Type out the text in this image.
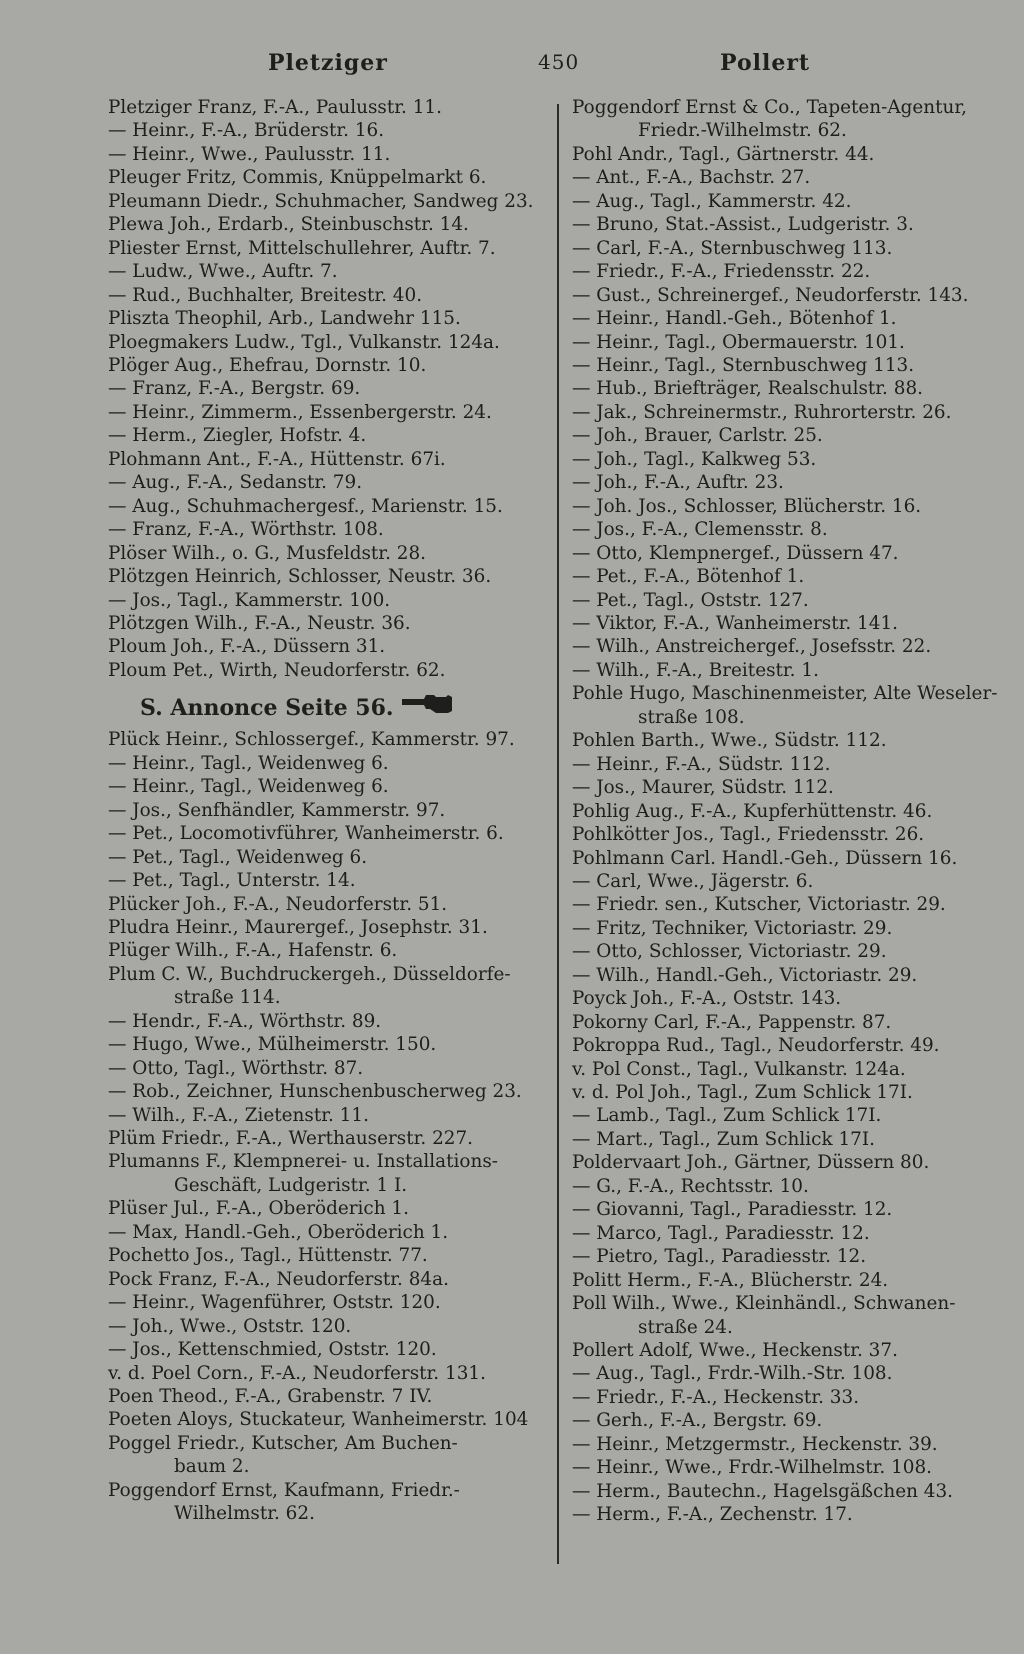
Pletziger	450	Pollert
Pletziger Franz, F.-A., Paulusstr. 11.
— Heinr., F.-A., Brüderstr. 16.
— Heinr., Wwe., Paulusstr. 11.
Pleuger Fritz, Commis, Knüppelmarkt 6.
Pleumann Diedr., Schuhmacher, Sandweg 23.
Plewa Joh., Erdarb., Steinbuschstr. 14.
Pliester Ernst, Mittelschullehrer, Auftr. 7.
— Ludw., Wwe., Auftr. 7.
— Rud., Buchhalter, Breitestr. 40.
Pliszta Theophil, Arb., Landwehr 115.
Ploegmakers Ludw., Tgl., Vulkanstr. 124a.
Plöger Aug., Ehefrau, Dornstr. 10.
— Franz, F.-A., Bergstr. 69.
— Heinr., Zimmerm., Essenbergerstr. 24.
— Herm., Ziegler, Hofstr. 4.
Plohmann Ant., F.-A., Hüttenstr. 67i.
— Aug., F.-A., Sedanstr. 79.
— Aug., Schuhmachergesf., Marienstr. 15.
— Franz, F.-A., Wörthstr. 108.
Plöser Wilh., o. G., Musfeldstr. 28.
Plötzgen Heinrich, Schlosser, Neustr. 36.
— Jos., Tagl., Kammerstr. 100.
Plötzgen Wilh., F.-A., Neustr. 36.
Ploum Joh., F.-A., Düssern 31.
Ploum Pet., Wirth, Neudorferstr. 62.
S. Annonce Seite 56.
Plück Heinr., Schlossergef., Kammerstr. 97.
— Heinr., Tagl., Weidenweg 6.
— Heinr., Tagl., Weidenweg 6.
— Jos., Senfhändler, Kammerstr. 97.
— Pet., Locomotivführer, Wanheimerstr. 6.
— Pet., Tagl., Weidenweg 6.
— Pet., Tagl., Unterstr. 14.
Plücker Joh., F.-A., Neudorferstr. 51.
Pludra Heinr., Maurergef., Josephstr. 31.
Plüger Wilh., F.-A., Hafenstr. 6.
Plum C. W., Buchdruckergeh., Düsseldorfe-
straße 114.
— Hendr., F.-A., Wörthstr. 89.
— Hugo, Wwe., Mülheimerstr. 150.
— Otto, Tagl., Wörthstr. 87.
— Rob., Zeichner, Hunschenbuscherweg 23.
— Wilh., F.-A., Zietenstr. 11.
Plüm Friedr., F.-A., Werthauserstr. 227.
Plumanns F., Klempnerei- u. Installations-
Geschäft, Ludgeristr. 1 I.
Plüser Jul., F.-A., Oberöderich 1.
— Max, Handl.-Geh., Oberöderich 1.
Pochetto Jos., Tagl., Hüttenstr. 77.
Pock Franz, F.-A., Neudorferstr. 84a.
— Heinr., Wagenführer, Oststr. 120.
— Joh., Wwe., Oststr. 120.
— Jos., Kettenschmied, Oststr. 120.
v. d. Poel Corn., F.-A., Neudorferstr. 131.
Poen Theod., F.-A., Grabenstr. 7 IV.
Poeten Aloys, Stuckateur, Wanheimerstr. 104
Poggel Friedr., Kutscher, Am Buchen-
baum 2.
Poggendorf Ernst, Kaufmann, Friedr.-
Wilhelmstr. 62.
Poggendorf Ernst & Co., Tapeten-Agentur,
Friedr.-Wilhelmstr. 62.
Pohl Andr., Tagl., Gärtnerstr. 44.
— Ant., F.-A., Bachstr. 27.
— Aug., Tagl., Kammerstr. 42.
— Bruno, Stat.-Assist., Ludgeristr. 3.
— Carl, F.-A., Sternbuschweg 113.
— Friedr., F.-A., Friedensstr. 22.
— Gust., Schreinergef., Neudorferstr. 143.
— Heinr., Handl.-Geh., Bötenhof 1.
— Heinr., Tagl., Obermauerstr. 101.
— Heinr., Tagl., Sternbuschweg 113.
— Hub., Briefträger, Realschulstr. 88.
— Jak., Schreinermstr., Ruhrorterstr. 26.
— Joh., Brauer, Carlstr. 25.
— Joh., Tagl., Kalkweg 53.
— Joh., F.-A., Auftr. 23.
— Joh. Jos., Schlosser, Blücherstr. 16.
— Jos., F.-A., Clemensstr. 8.
— Otto, Klempnergef., Düssern 47.
— Pet., F.-A., Bötenhof 1.
— Pet., Tagl., Oststr. 127.
— Viktor, F.-A., Wanheimerstr. 141.
— Wilh., Anstreichergef., Josefsstr. 22.
— Wilh., F.-A., Breitestr. 1.
Pohle Hugo, Maschinenmeister, Alte Weseler-
straße 108.
Pohlen Barth., Wwe., Südstr. 112.
— Heinr., F.-A., Südstr. 112.
— Jos., Maurer, Südstr. 112.
Pohlig Aug., F.-A., Kupferhüttenstr. 46.
Pohlkötter Jos., Tagl., Friedensstr. 26.
Pohlmann Carl. Handl.-Geh., Düssern 16.
— Carl, Wwe., Jägerstr. 6.
— Friedr. sen., Kutscher, Victoriastr. 29.
— Fritz, Techniker, Victoriastr. 29.
— Otto, Schlosser, Victoriastr. 29.
— Wilh., Handl.-Geh., Victoriastr. 29.
Poyck Joh., F.-A., Oststr. 143.
Pokorny Carl, F.-A., Pappenstr. 87.
Pokroppa Rud., Tagl., Neudorferstr. 49.
v. Pol Const., Tagl., Vulkanstr. 124a.
v. d. Pol Joh., Tagl., Zum Schlick 17I.
— Lamb., Tagl., Zum Schlick 17I.
— Mart., Tagl., Zum Schlick 17I.
Poldervaart Joh., Gärtner, Düssern 80.
— G., F.-A., Rechtsstr. 10.
— Giovanni, Tagl., Paradiesstr. 12.
— Marco, Tagl., Paradiesstr. 12.
— Pietro, Tagl., Paradiesstr. 12.
Politt Herm., F.-A., Blücherstr. 24.
Poll Wilh., Wwe., Kleinhändl., Schwanen-
straße 24.
Pollert Adolf, Wwe., Heckenstr. 37.
— Aug., Tagl., Frdr.-Wilh.-Str. 108.
— Friedr., F.-A., Heckenstr. 33.
— Gerh., F.-A., Bergstr. 69.
— Heinr., Metzgermstr., Heckenstr. 39.
— Heinr., Wwe., Frdr.-Wilhelmstr. 108.
— Herm., Bautechn., Hagelsgäßchen 43.
— Herm., F.-A., Zechenstr. 17.
